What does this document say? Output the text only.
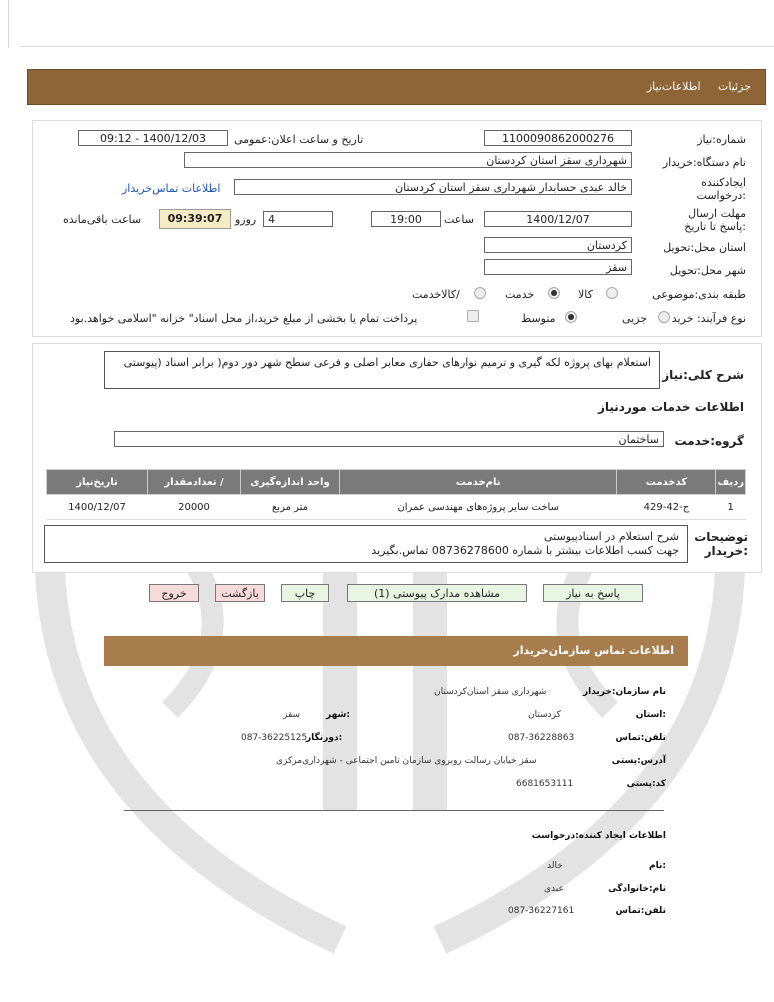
جزئیات     اطلاعات‌نیاز
شماره:نیاز
1100090862000276
تاریخ و ساعت اعلان:عمومی
1400/12/03 - 09:12
نام دستگاه:خریدار
شهرداری سقز استان کردستان
ایجادکننده :درخواست
خالد عبدی حسابدار شهرداری سقز استان کردستان
اطلاعات تماس‌خریدار
مهلت ارسال :پاسخ تا تاریخ
1400/12/07
ساعت
19:00
4
روزو
09:39:07
ساعت باقی‌مانده
استان محل:تحویل
کردستان
شهر محل:تحویل
سقز
طبقه بندی:موضوعی
کالا
خدمت
/کالاخدمت
نوع فرآیند: خرید
جزیی
متوسط
پرداخت تمام یا بخشی از مبلغ خرید،از محل اسناد" خزانه "اسلامی خواهد.بود
شرح کلی:نیاز
استعلام بهای پروژه لکه گیری و ترمیم نوارهای حفاری معابر اصلی و فرعی سطح شهر دور دوم( برابر اسناد (پیوستی
اطلاعات خدمات موردنیاز
گروه:خدمت
ساختمان
ردیف	کدخدمت	نام‌خدمت	واحد اندازه‌گیری	/ تعدادمقدار	تاریخ‌نیاز
1	ج-42-429	ساخت سایر پروژه‌های مهندسی عمران	متر مربع	20000	1400/12/07
توضیحات :خریدار
شرح استعلام در اسنادپیوستی
جهت کسب اطلاعات بیشتر با شماره 08736278600 تماس.بگیرید
پاسخ به نیاز
مشاهده مدارک پیوستی (1)
چاپ
بازگشت
خروج
اطلاعات تماس سازمان‌خریدار
نام سازمان:خریدار
شهرداری سقز استان‌کردستان
:استان
کردستان
:شهر
سقز
تلفن:تماس
087-36228863
:دورنگار
087-36225125
آدرس:پستی
سقز خیابان رسالت روبروی سازمان تامین اجتماعی - شهرداری‌مرکزی
کد:پستی
6681653111
اطلاعات ایجاد کننده:درخواست
:نام
خالد
نام:خانوادگی
عبدی
تلفن:تماس
087-36227161
